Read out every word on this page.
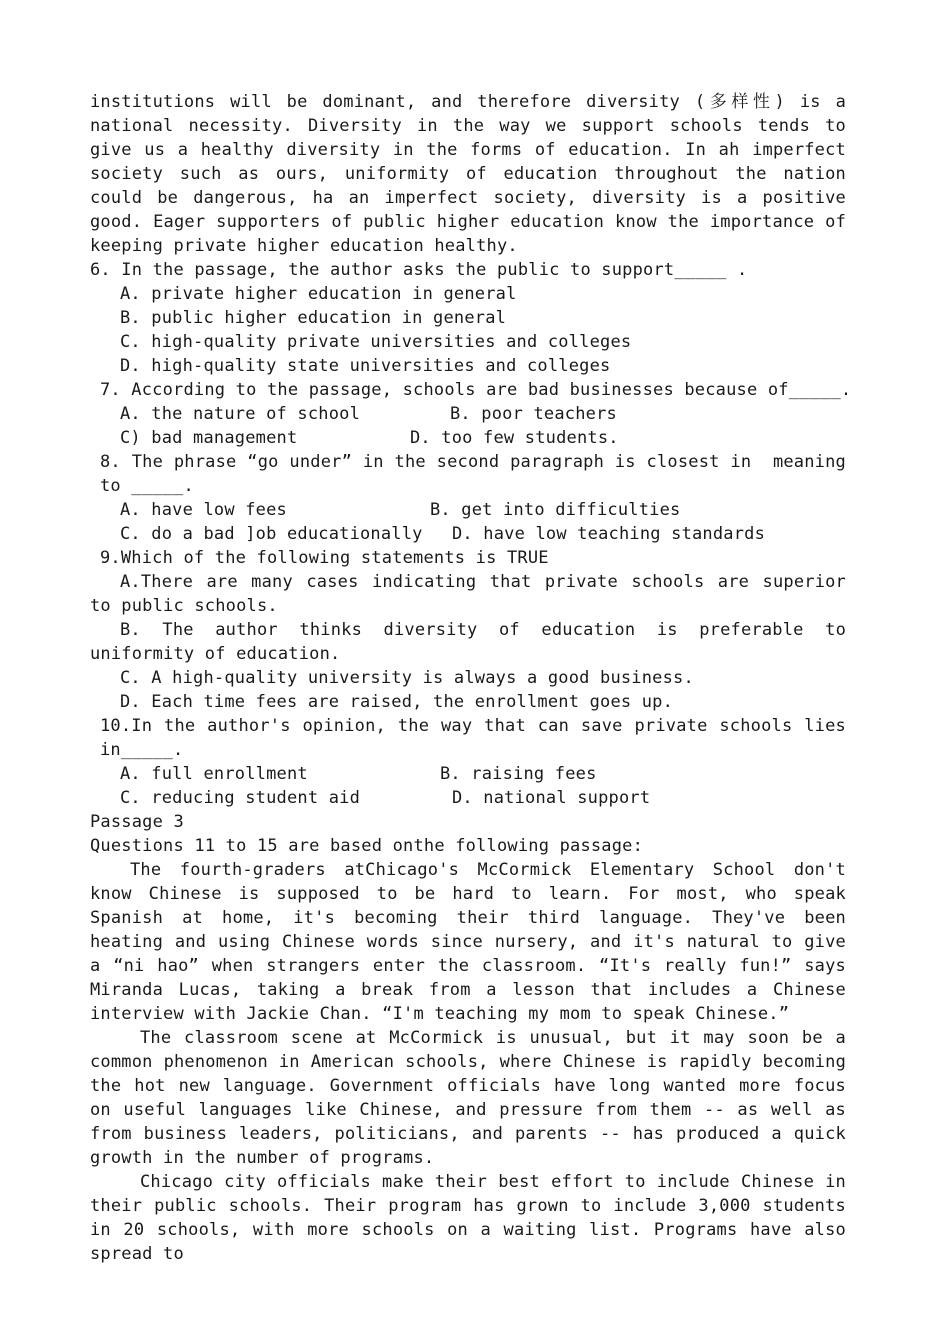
institutions will be dominant, and therefore diversity (多样性) is a national necessity. Diversity in the way we support schools tends to give us a healthy diversity in the forms of education. In ah imperfect society such as ours, uniformity of education throughout the nation could be dangerous, ha an imperfect society, diversity is a positive good. Eager supporters of public higher education know the importance of keeping private higher education healthy.

6. In the passage, the author asks the public to support_____ .

A. private higher education in general

B. public higher education in general

C. high-quality private universities and colleges

D. high-quality state universities and colleges

7. According to the passage, schools are bad businesses because of_____.

A. the nature of school	B. poor teachers
C) bad management	D. too few students.

8. The phrase “go under” in the second paragraph is closest in  meaning to _____.

A. have low fees	B. get into difficulties
C. do a bad ]ob educationally	D. have low teaching standards

9.Which of the following statements is TRUE

A.There are many cases indicating that private schools are superior to public schools.

B. The author thinks diversity of education is preferable to uniformity of education.

C. A high-quality university is always a good business.

D. Each time fees are raised, the enrollment goes up.

10.In the author's opinion, the way that can save private schools lies in_____.

A. full enrollment	B. raising fees
C. reducing student aid	D. national support

Passage 3

Questions 11 to 15 are based onthe following passage:

The fourth-graders atChicago's McCormick Elementary School don't know Chinese is supposed to be hard to learn. For most, who speak Spanish at home, it's becoming their third language. They've been heating and using Chinese words since nursery, and it's natural to give a “ni hao” when strangers enter the classroom. “It's really fun!” says Miranda Lucas, taking a break from a lesson that includes a Chinese interview with Jackie Chan. “I'm teaching my mom to speak Chinese.”

The classroom scene at McCormick is unusual, but it may soon be a common phenomenon in American schools, where Chinese is rapidly becoming the hot new language. Government officials have long wanted more focus on useful languages like Chinese, and pressure from them -- as well as from business leaders, politicians, and parents -- has produced a quick growth in the number of programs.

Chicago city officials make their best effort to include Chinese in their public schools. Their program has grown to include 3,000 students in 20 schools, with more schools on a waiting list. Programs have also spread to
